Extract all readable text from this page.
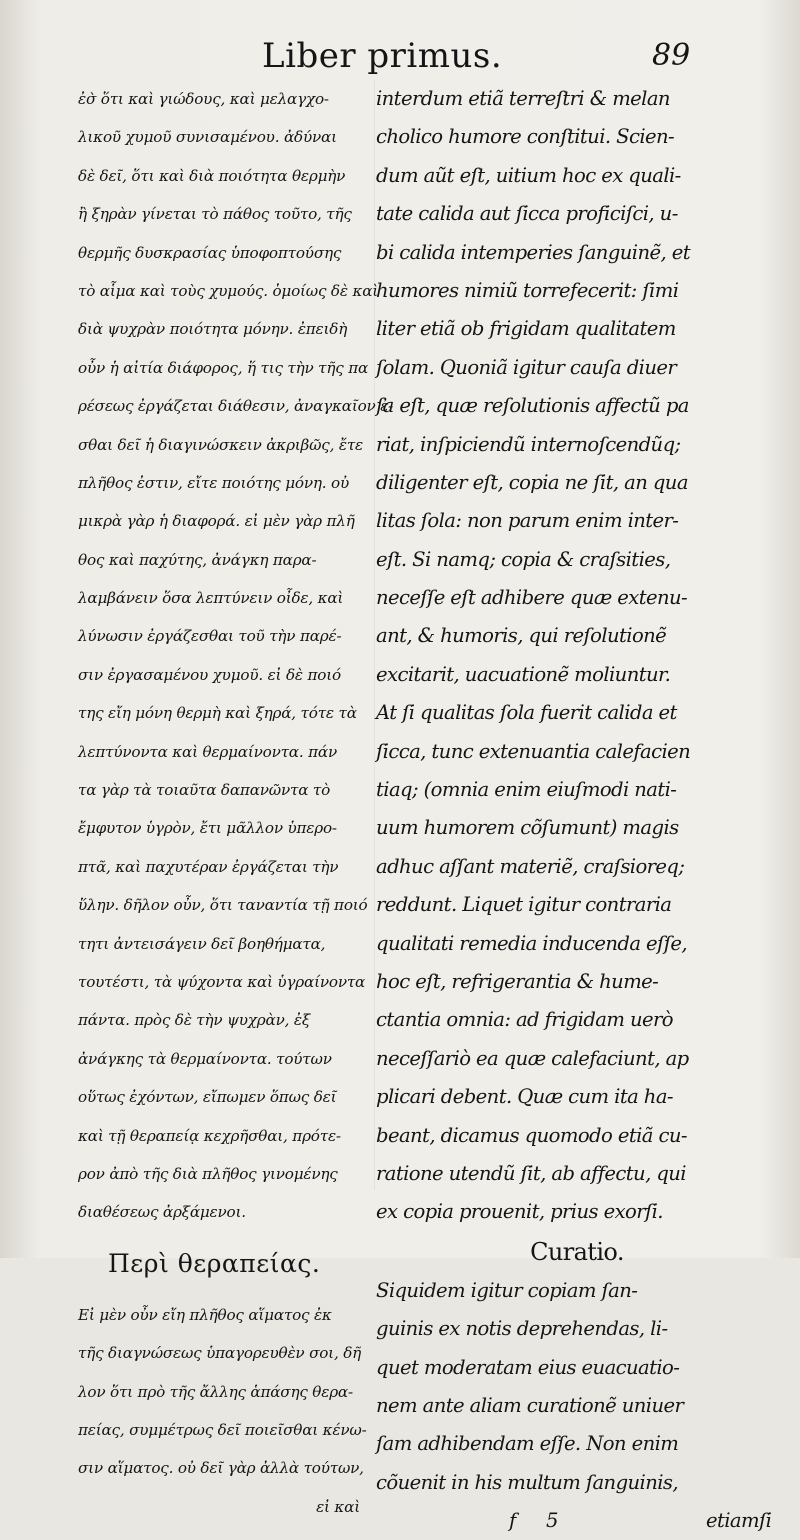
Liber primus.	89
ἐσ̀ ὅτι καὶ γιώδους, καὶ μελαγχο-
λικοῦ χυμοῦ συνισαμένου. ἀδύναι
δὲ δεῖ, ὅτι καὶ διὰ ποιότητα θερμὴν
ἢ ξηρὰν γίνεται τὸ πάθος τοῦτο, τῆς
θερμῆς δυσκρασίας ὑποφοπτούσης
τὸ αἷμα καὶ τοὺς χυμούς. ὁμοίως δὲ καὶ
διὰ ψυχρὰν ποιότητα μόνην. ἐπειδὴ
οὖν ἡ αἰτία διάφορος, ἥ τις τὴν τῆς πα
ρέσεως ἐργάζεται διάθεσιν, ἀναγκαῖον ἐ-
σθαι δεῖ ἡ διαγινώσκειν ἀκριβῶς, ἔτε
πλῆθος ἐστιν, εἴτε ποιότης μόνη. οὐ
μικρὰ γὰρ ἡ διαφορά. εἰ μὲν γὰρ πλῆ
θος καὶ παχύτης, ἀνάγκη παρα-
λαμβάνειν ὅσα λεπτύνειν οἶδε, καὶ
λύνωσιν ἐργάζεσθαι τοῦ τὴν παρέ-
σιν ἐργασαμένου χυμοῦ. εἰ δὲ ποιό
της εἴη μόνη θερμὴ καὶ ξηρά, τότε τὰ
λεπτύνοντα καὶ θερμαίνοντα. πάν
τα γὰρ τὰ τοιαῦτα δαπανῶντα τὸ
ἔμφυτον ὑγρὸν, ἔτι μᾶλλον ὑπερο-
πτᾶ, καὶ παχυτέραν ἐργάζεται τὴν
ὕλην. δῆλον οὖν, ὅτι ταναντία τῇ ποιό
τητι ἀντεισάγειν δεῖ βοηθήματα,
τουτέστι, τὰ ψύχοντα καὶ ὑγραίνοντα
πάντα. πρὸς δὲ τὴν ψυχρὰν, ἐξ
ἀνάγκης τὰ θερμαίνοντα. τούτων
οὕτως ἐχόντων, εἴπωμεν ὅπως δεῖ
καὶ τῇ θεραπείᾳ κεχρῆσθαι, πρότε-
ρον ἀπὸ τῆς διὰ πλῆθος γινομένης
διαθέσεως ἀρξάμενοι.
Περὶ θεραπείας.
Εἰ μὲν οὖν εἴη πλῆθος αἵματος ἐκ
τῆς διαγνώσεως ὑπαγορευθὲν σοι, δῆ
λον ὅτι πρὸ τῆς ἄλλης ἁπάσης θερα-
πείας, συμμέτρως δεῖ ποιεῖσθαι κένω-
σιν αἵματος. οὐ δεῖ γὰρ ἀλλὰ τούτων,
εἰ καὶ
interdum etiã terreſtri & melan
cholico humore conſtitui. Scien-
dum aũt eſt, uitium hoc ex quali-
tate calida aut ſicca proficiſci, u-
bi calida intemperies ſanguinẽ, et
humores nimiũ torrefecerit: ſimi
liter etiã ob frigidam qualitatem
ſolam. Quoniã igitur cauſa diuer
ſa eſt, quæ reſolutionis affectũ pa
riat, inſpiciendũ internoſcendũq;
diligenter eſt, copia ne ſit, an qua
litas ſola: non parum enim inter-
eſt. Si namq; copia & craſsities,
neceſſe eſt adhibere quæ extenu-
ant, & humoris, qui reſolutionẽ
excitarit, uacuationẽ moliuntur.
At ſi qualitas ſola fuerit calida et
ſicca, tunc extenuantia calefacien
tiaq; (omnia enim eiuſmodi nati-
uum humorem cõſumunt) magis
adhuc aſſant materiẽ, craſsioreq;
reddunt. Liquet igitur contraria
qualitati remedia inducenda eſſe,
hoc eſt, refrigerantia & hume-
ctantia omnia: ad frigidam uerò
neceſſariò ea quæ calefaciunt, ap
plicari debent. Quæ cum ita ha-
beant, dicamus quomodo etiã cu-
ratione utendũ ſit, ab affectu, qui
ex copia prouenit, prius exorſi.
Curatio.
Siquidem igitur copiam ſan-
guinis ex notis deprehendas, li-
quet moderatam eius euacuatio-
nem ante aliam curationẽ uniuer
ſam adhibendam eſſe. Non enim
cõuenit in his multum ſanguinis,
f 5	etiamſi
